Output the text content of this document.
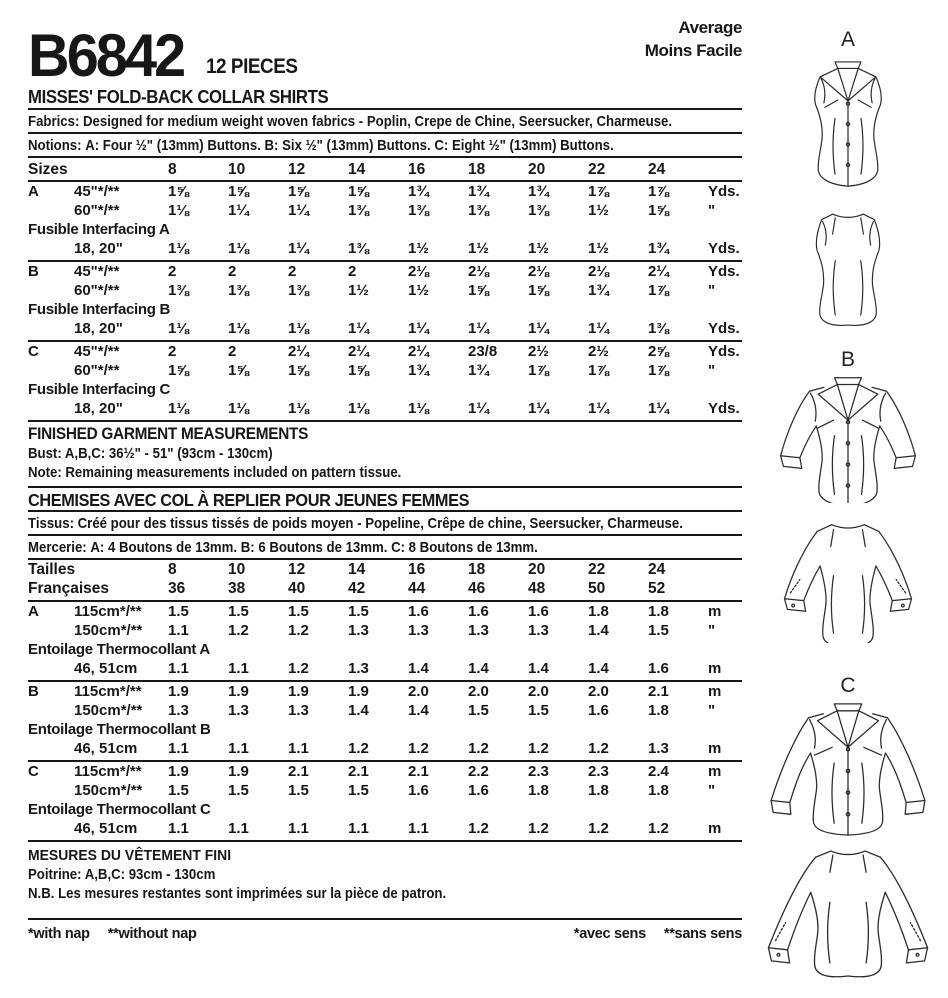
B6842 12 PIECES
Average
Moins Facile
MISSES' FOLD-BACK COLLAR SHIRTS
Fabrics: Designed for medium weight woven fabrics - Poplin, Crepe de Chine, Seersucker, Charmeuse.
Notions: A: Four ½" (13mm) Buttons. B: Six ½" (13mm) Buttons. C: Eight ½" (13mm) Buttons.
Sizes	8	10	12	14	16	18	20	22	24
A	45"*/**	1⅝	1⅝	1⅝	1⅝	1¾	1¾	1¾	1⅞	1⅞	Yds.
60"*/**	1⅛	1¼	1¼	1⅜	1⅜	1⅜	1⅜	1½	1⅝	"
Fusible Interfacing A
18, 20"	1⅛	1⅛	1¼	1⅜	1½	1½	1½	1½	1¾	Yds.
B	45"*/**	2	2	2	2	2⅛	2⅛	2⅛	2⅛	2¼	Yds.
60"*/**	1⅜	1⅜	1⅜	1½	1½	1⅝	1⅝	1¾	1⅞	"
Fusible Interfacing B
18, 20"	1⅛	1⅛	1⅛	1¼	1¼	1¼	1¼	1¼	1⅜	Yds.
C	45"*/**	2	2	2¼	2¼	2¼	23/8	2½	2½	2⅝	Yds.
60"*/**	1⅝	1⅝	1⅝	1⅝	1¾	1¾	1⅞	1⅞	1⅞	"
Fusible Interfacing C
18, 20"	1⅛	1⅛	1⅛	1⅛	1⅛	1¼	1¼	1¼	1¼	Yds.
FINISHED GARMENT MEASUREMENTS
Bust: A,B,C: 36½" - 51" (93cm - 130cm)
Note: Remaining measurements included on pattern tissue.
CHEMISES AVEC COL À REPLIER POUR JEUNES FEMMES
Tissus: Créé pour des tissus tissés de poids moyen - Popeline, Crêpe de chine, Seersucker, Charmeuse.
Mercerie: A: 4 Boutons de 13mm. B: 6 Boutons de 13mm. C: 8 Boutons de 13mm.
Tailles	8	10	12	14	16	18	20	22	24
Françaises	36	38	40	42	44	46	48	50	52
A	115cm*/**	1.5	1.5	1.5	1.5	1.6	1.6	1.6	1.8	1.8	m
150cm*/**	1.1	1.2	1.2	1.3	1.3	1.3	1.3	1.4	1.5	"
Entoilage Thermocollant A
46, 51cm	1.1	1.1	1.2	1.3	1.4	1.4	1.4	1.4	1.6	m
B	115cm*/**	1.9	1.9	1.9	1.9	2.0	2.0	2.0	2.0	2.1	m
150cm*/**	1.3	1.3	1.3	1.4	1.4	1.5	1.5	1.6	1.8	"
Entoilage Thermocollant B
46, 51cm	1.1	1.1	1.1	1.2	1.2	1.2	1.2	1.2	1.3	m
C	115cm*/**	1.9	1.9	2.1	2.1	2.1	2.2	2.3	2.3	2.4	m
150cm*/**	1.5	1.5	1.5	1.5	1.6	1.6	1.8	1.8	1.8	"
Entoilage Thermocollant C
46, 51cm	1.1	1.1	1.1	1.1	1.1	1.2	1.2	1.2	1.2	m
MESURES DU VÊTEMENT FINI
Poitrine: A,B,C: 93cm - 130cm
N.B. Les mesures restantes sont imprimées sur la pièce de patron.
*with nap **without nap	*avec sens **sans sens
A
B
C
